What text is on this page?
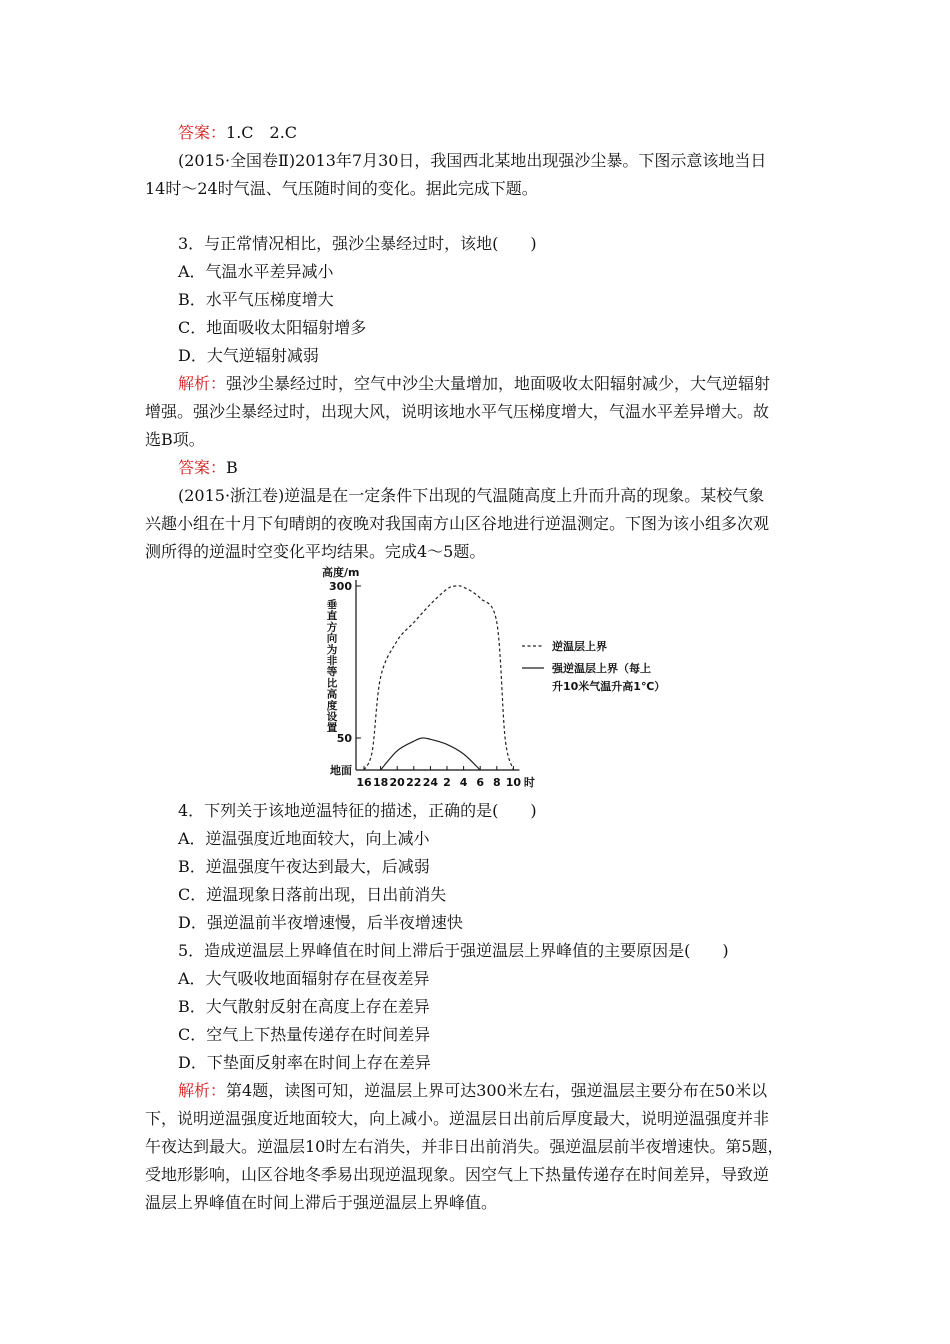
答案：1.C　2.C
(2015·全国卷Ⅱ)2013年7月30日，我国西北某地出现强沙尘暴。下图示意该地当日
14时～24时气温、气压随时间的变化。据此完成下题。
3．与正常情况相比，强沙尘暴经过时，该地(　　)
A．气温水平差异减小
B．水平气压梯度增大
C．地面吸收太阳辐射增多
D．大气逆辐射减弱
解析：强沙尘暴经过时，空气中沙尘大量增加，地面吸收太阳辐射减少，大气逆辐射
增强。强沙尘暴经过时，出现大风，说明该地水平气压梯度增大，气温水平差异增大。故
选B项。
答案：B
(2015·浙江卷)逆温是在一定条件下出现的气温随高度上升而升高的现象。某校气象
兴趣小组在十月下旬晴朗的夜晚对我国南方山区谷地进行逆温测定。下图为该小组多次观
测所得的逆温时空变化平均结果。完成4～5题。
地面
50
300
高度/m
垂
直
方
向
为
非
等
比
高
度
设
置
16 18 20 22 24 2 4 6 8 10 时
逆温层上界
强逆温层上界（每上
升10米气温升高1℃）
4．下列关于该地逆温特征的描述，正确的是(　　)
A．逆温强度近地面较大，向上减小
B．逆温强度午夜达到最大，后减弱
C．逆温现象日落前出现，日出前消失
D．强逆温前半夜增速慢，后半夜增速快
5．造成逆温层上界峰值在时间上滞后于强逆温层上界峰值的主要原因是(　　)
A．大气吸收地面辐射存在昼夜差异
B．大气散射反射在高度上存在差异
C．空气上下热量传递存在时间差异
D．下垫面反射率在时间上存在差异
解析：第4题，读图可知，逆温层上界可达300米左右，强逆温层主要分布在50米以
下，说明逆温强度近地面较大，向上减小。逆温层日出前后厚度最大，说明逆温强度并非
午夜达到最大。逆温层10时左右消失，并非日出前消失。强逆温层前半夜增速快。第5题，
受地形影响，山区谷地冬季易出现逆温现象。因空气上下热量传递存在时间差异，导致逆
温层上界峰值在时间上滞后于强逆温层上界峰值。
